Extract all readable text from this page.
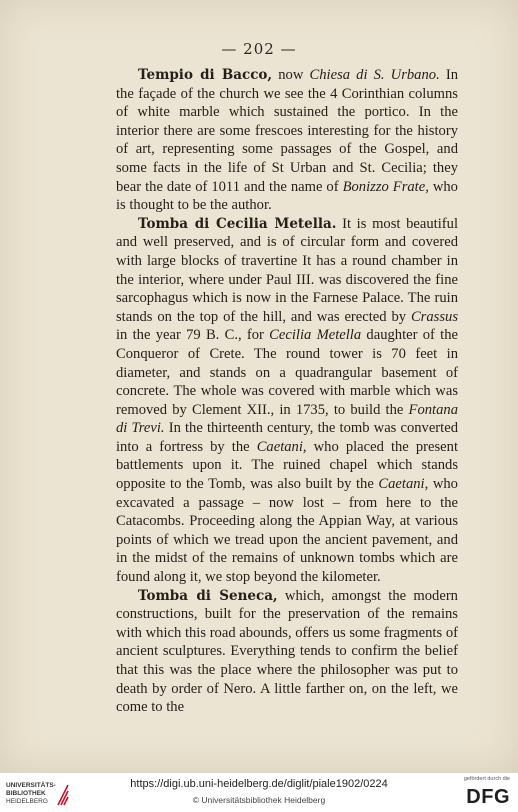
— 202 —

Tempio di Bacco, now Chiesa di S. Urbano. In the façade of the church we see the 4 Corinthian columns of white marble which sustained the portico. In the interior there are some frescoes interesting for the history of art, representing some passages of the Gospel, and some facts in the life of St Urban and St. Cecilia; they bear the date of 1011 and the name of Bonizzo Frate, who is thought to be the author.

Tomba di Cecilia Metella. It is most beautiful and well preserved, and is of circular form and covered with large blocks of travertine It has a round chamber in the interior, where under Paul III. was discovered the fine sarcophagus which is now in the Farnese Palace. The ruin stands on the top of the hill, and was erected by Crassus in the year 79 B. C., for Cecilia Metella daughter of the Conqueror of Crete. The round tower is 70 feet in diameter, and stands on a quadrangular basement of concrete. The whole was covered with marble which was removed by Clement XII., in 1735, to build the Fontana di Trevi. In the thirteenth century, the tomb was converted into a fortress by the Caetani, who placed the present battlements upon it. The ruined chapel which stands opposite to the Tomb, was also built by the Caetani, who excavated a passage – now lost – from here to the Catacombs. Proceeding along the Appian Way, at various points of which we tread upon the ancient pavement, and in the midst of the remains of unknown tombs which are found along it, we stop beyond the kilometer.

Tomba di Seneca, which, amongst the modern constructions, built for the preservation of the remains with which this road abounds, offers us some fragments of ancient sculptures. Everything tends to confirm the belief that this was the place where the philosopher was put to death by order of Nero. A little farther on, on the left, we come to the

UNIVERSITÄTS-
BIBLIOTHEK
HEIDELBERG
https://digi.ub.uni-heidelberg.de/diglit/piale1902/0224
© Universitätsbibliothek Heidelberg
gefördert durch die
DFG
